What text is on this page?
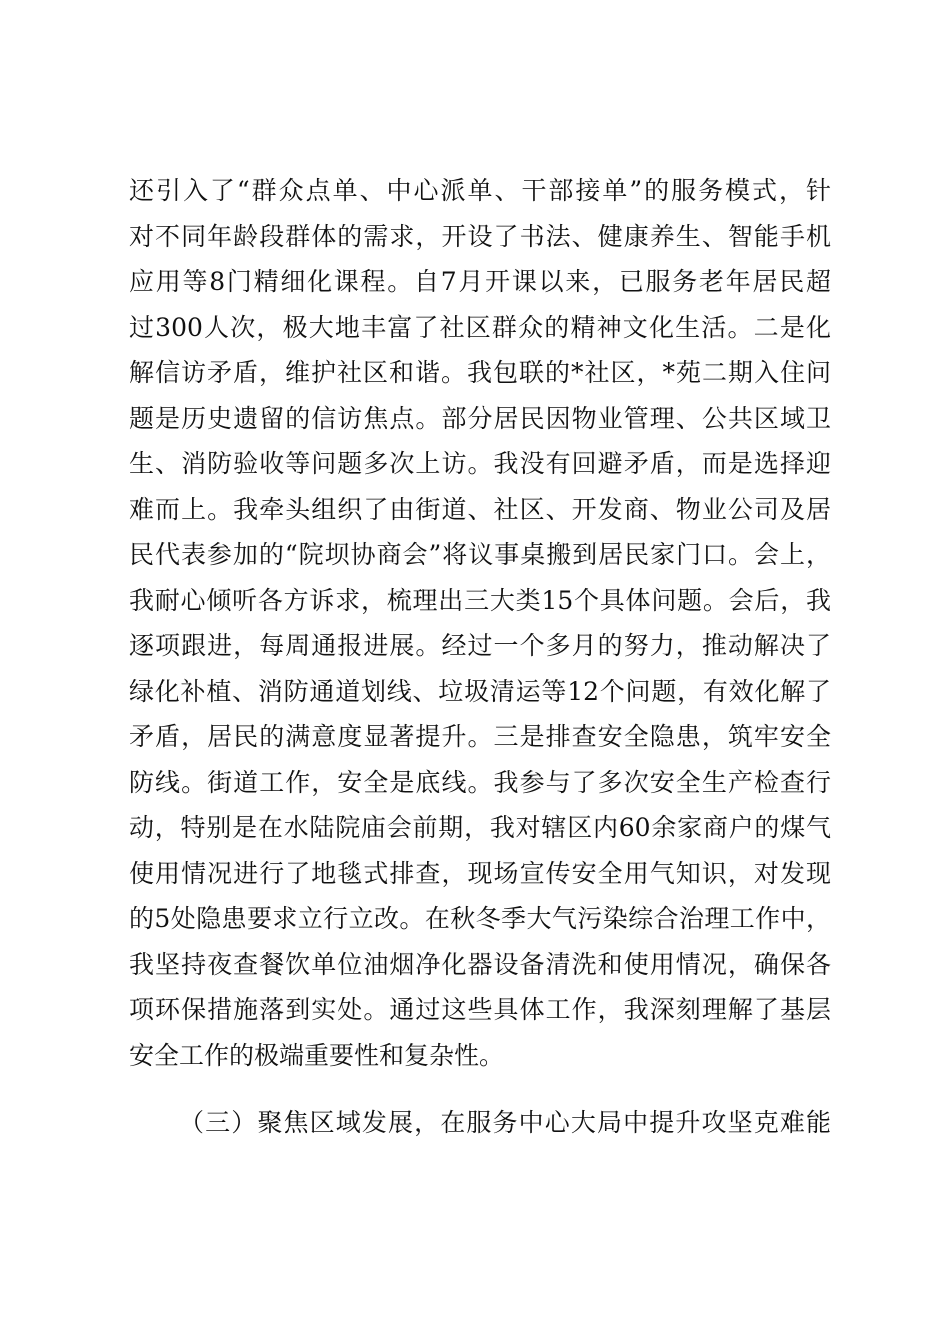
还引入了“群众点单、中心派单、干部接单”的服务模式，针
对不同年龄段群体的需求，开设了书法、健康养生、智能手机
应用等8门精细化课程。自7月开课以来，已服务老年居民超
过300人次，极大地丰富了社区群众的精神文化生活。二是化
解信访矛盾，维护社区和谐。我包联的*社区，*苑二期入住问
题是历史遗留的信访焦点。部分居民因物业管理、公共区域卫
生、消防验收等问题多次上访。我没有回避矛盾，而是选择迎
难而上。我牵头组织了由街道、社区、开发商、物业公司及居
民代表参加的“院坝协商会”将议事桌搬到居民家门口。会上，
我耐心倾听各方诉求，梳理出三大类15个具体问题。会后，我
逐项跟进，每周通报进展。经过一个多月的努力，推动解决了
绿化补植、消防通道划线、垃圾清运等12个问题，有效化解了
矛盾，居民的满意度显著提升。三是排查安全隐患，筑牢安全
防线。街道工作，安全是底线。我参与了多次安全生产检查行
动，特别是在水陆院庙会前期，我对辖区内60余家商户的煤气
使用情况进行了地毯式排查，现场宣传安全用气知识，对发现
的5处隐患要求立行立改。在秋冬季大气污染综合治理工作中，
我坚持夜查餐饮单位油烟净化器设备清洗和使用情况，确保各
项环保措施落到实处。通过这些具体工作，我深刻理解了基层
安全工作的极端重要性和复杂性。
（三）聚焦区域发展，在服务中心大局中提升攻坚克难能
